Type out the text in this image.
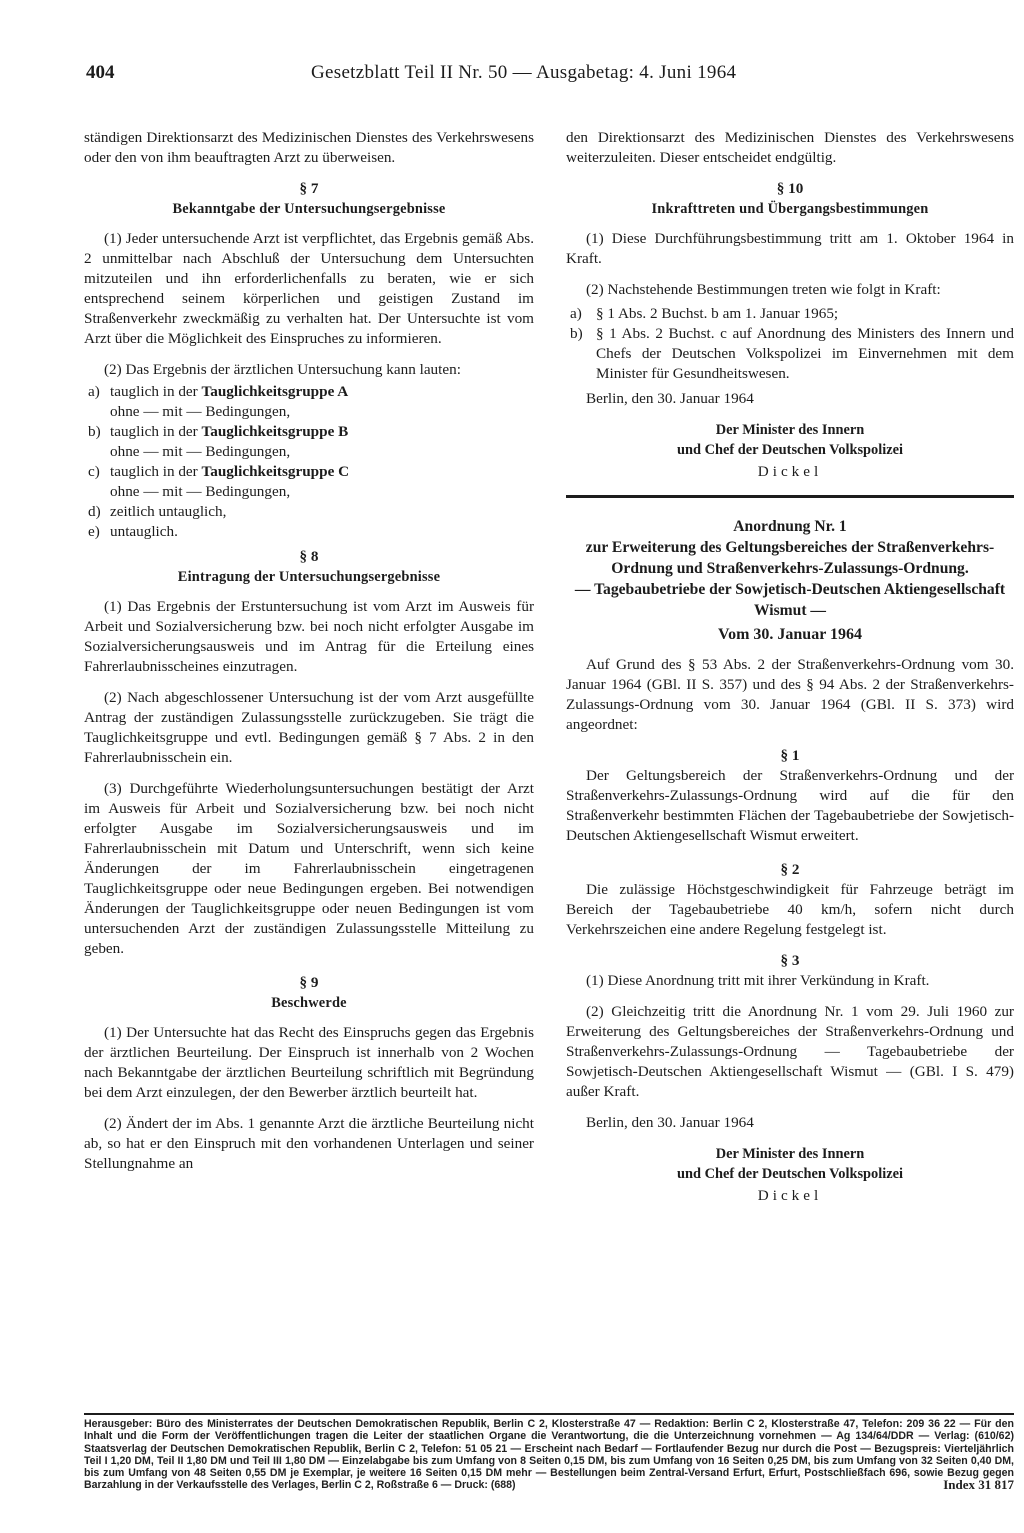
404	Gesetzblatt Teil II Nr. 50 — Ausgabetag: 4. Juni 1964

ständigen Direktionsarzt des Medizinischen Dienstes des Verkehrswesens oder den von ihm beauftragten Arzt zu überweisen.

§ 7
Bekanntgabe der Untersuchungsergebnisse

(1) Jeder untersuchende Arzt ist verpflichtet, das Ergebnis gemäß Abs. 2 unmittelbar nach Abschluß der Untersuchung dem Untersuchten mitzuteilen und ihn erforderlichenfalls zu beraten, wie er sich entsprechend seinem körperlichen und geistigen Zustand im Straßenverkehr zweckmäßig zu verhalten hat. Der Untersuchte ist vom Arzt über die Möglichkeit des Einspruches zu informieren.

(2) Das Ergebnis der ärztlichen Untersuchung kann lauten:

a) tauglich in der Tauglichkeitsgruppe A
ohne — mit — Bedingungen,
b) tauglich in der Tauglichkeitsgruppe B
ohne — mit — Bedingungen,
c) tauglich in der Tauglichkeitsgruppe C
ohne — mit — Bedingungen,
d) zeitlich untauglich,
e) untauglich.
§ 8
Eintragung der Untersuchungsergebnisse

(1) Das Ergebnis der Erstuntersuchung ist vom Arzt im Ausweis für Arbeit und Sozialversicherung bzw. bei noch nicht erfolgter Ausgabe im Sozialversicherungsausweis und im Antrag für die Erteilung eines Fahrerlaubnisscheines einzutragen.

(2) Nach abgeschlossener Untersuchung ist der vom Arzt ausgefüllte Antrag der zuständigen Zulassungsstelle zurückzugeben. Sie trägt die Tauglichkeitsgruppe und evtl. Bedingungen gemäß § 7 Abs. 2 in den Fahrerlaubnisschein ein.

(3) Durchgeführte Wiederholungsuntersuchungen bestätigt der Arzt im Ausweis für Arbeit und Sozialversicherung bzw. bei noch nicht erfolgter Ausgabe im Sozialversicherungsausweis und im Fahrerlaubnisschein mit Datum und Unterschrift, wenn sich keine Änderungen der im Fahrerlaubnisschein eingetragenen Tauglichkeitsgruppe oder neue Bedingungen ergeben. Bei notwendigen Änderungen der Tauglichkeitsgruppe oder neuen Bedingungen ist vom untersuchenden Arzt der zuständigen Zulassungsstelle Mitteilung zu geben.

§ 9
Beschwerde

(1) Der Untersuchte hat das Recht des Einspruchs gegen das Ergebnis der ärztlichen Beurteilung. Der Einspruch ist innerhalb von 2 Wochen nach Bekanntgabe der ärztlichen Beurteilung schriftlich mit Begründung bei dem Arzt einzulegen, der den Bewerber ärztlich beurteilt hat.

(2) Ändert der im Abs. 1 genannte Arzt die ärztliche Beurteilung nicht ab, so hat er den Einspruch mit den vorhandenen Unterlagen und seiner Stellungnahme an

den Direktionsarzt des Medizinischen Dienstes des Verkehrswesens weiterzuleiten. Dieser entscheidet endgültig.

§ 10
Inkrafttreten und Übergangsbestimmungen

(1) Diese Durchführungsbestimmung tritt am 1. Oktober 1964 in Kraft.

(2) Nachstehende Bestimmungen treten wie folgt in Kraft:

a) § 1 Abs. 2 Buchst. b am 1. Januar 1965;
b) § 1 Abs. 2 Buchst. c auf Anordnung des Ministers des Innern und Chefs der Deutschen Volkspolizei im Einvernehmen mit dem Minister für Gesundheitswesen.

Berlin, den 30. Januar 1964

Der Minister des Innern
und Chef der Deutschen Volkspolizei
Dickel
Anordnung Nr. 1
zur Erweiterung des Geltungsbereiches der Straßenverkehrs-Ordnung und Straßenverkehrs-Zulassungs-Ordnung.
— Tagebaubetriebe der Sowjetisch-Deutschen Aktiengesellschaft Wismut —
Vom 30. Januar 1964

Auf Grund des § 53 Abs. 2 der Straßenverkehrs-Ordnung vom 30. Januar 1964 (GBl. II S. 357) und des § 94 Abs. 2 der Straßenverkehrs-Zulassungs-Ordnung vom 30. Januar 1964 (GBl. II S. 373) wird angeordnet:

§ 1

Der Geltungsbereich der Straßenverkehrs-Ordnung und der Straßenverkehrs-Zulassungs-Ordnung wird auf die für den Straßenverkehr bestimmten Flächen der Tagebaubetriebe der Sowjetisch-Deutschen Aktiengesellschaft Wismut erweitert.

§ 2

Die zulässige Höchstgeschwindigkeit für Fahrzeuge beträgt im Bereich der Tagebaubetriebe 40 km/h, sofern nicht durch Verkehrszeichen eine andere Regelung festgelegt ist.

§ 3

(1) Diese Anordnung tritt mit ihrer Verkündung in Kraft.

(2) Gleichzeitig tritt die Anordnung Nr. 1 vom 29. Juli 1960 zur Erweiterung des Geltungsbereiches der Straßenverkehrs-Ordnung und Straßenverkehrs-Zulassungs-Ordnung — Tagebaubetriebe der Sowjetisch-Deutschen Aktiengesellschaft Wismut — (GBl. I S. 479) außer Kraft.

Berlin, den 30. Januar 1964

Der Minister des Innern
und Chef der Deutschen Volkspolizei
Dickel
Herausgeber: Büro des Ministerrates der Deutschen Demokratischen Republik, Berlin C 2, Klosterstraße 47 — Redaktion: Berlin C 2, Klosterstraße 47, Telefon: 209 36 22 — Für den Inhalt und die Form der Veröffentlichungen tragen die Leiter der staatlichen Organe die Verantwortung, die die Unterzeichnung vornehmen — Ag 134/64/DDR — Verlag: (610/62) Staatsverlag der Deutschen Demokratischen Republik, Berlin C 2, Telefon: 51 05 21 — Erscheint nach Bedarf — Fortlaufender Bezug nur durch die Post — Bezugspreis: Vierteljährlich Teil I 1,20 DM, Teil II 1,80 DM und Teil III 1,80 DM — Einzelabgabe bis zum Umfang von 8 Seiten 0,15 DM, bis zum Umfang von 16 Seiten 0,25 DM, bis zum Umfang von 32 Seiten 0,40 DM, bis zum Umfang von 48 Seiten 0,55 DM je Exemplar, je weitere 16 Seiten 0,15 DM mehr — Bestellungen beim Zentral-Versand Erfurt, Erfurt, Postschließfach 696, sowie Bezug gegen Barzahlung in der Verkaufsstelle des Verlages, Berlin C 2, Roßstraße 6 — Druck: (688)	Index 31 817
